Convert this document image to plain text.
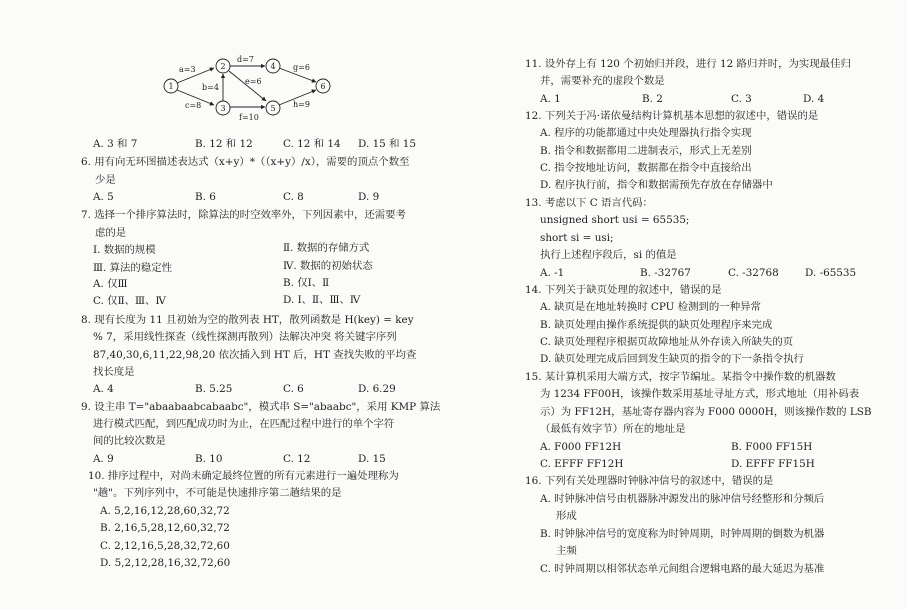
1
2
3
4
5
6
a=3
d=7
g=6
b=4
e=6
c=8	h=9
f=10
A. 3 和 7	B. 12 和 12	C. 12 和 14 D. 15 和 15
6. 用有向无环图描述表达式（x+y）*（（x+y）/x），需要的顶点个数至
少是
A. 5	B. 6	C. 8	D. 9
7. 选择一个排序算法时，除算法的时空效率外，下列因素中，还需要考
虑的是
Ⅰ. 数据的规模	Ⅱ. 数据的存储方式
Ⅲ. 算法的稳定性	Ⅳ. 数据的初始状态
A. 仅Ⅲ	B. 仅Ⅰ、Ⅱ
C. 仅Ⅱ、Ⅲ、Ⅳ	D. Ⅰ、Ⅱ、Ⅲ、Ⅳ
8. 现有长度为 11 且初始为空的散列表 HT，散列函数是 H(key) = key
% 7，采用线性探查（线性探测再散列）法解决冲突 将关键字序列
87,40,30,6,11,22,98,20 依次插入到 HT 后，HT 查找失败的平均查
找长度是
A. 4	B. 5.25	C. 6	D. 6.29
9. 设主串 T="abaabaabcabaabc"，模式串 S="abaabc"，采用 KMP 算法
进行模式匹配，到匹配成功时为止，在匹配过程中进行的单个字符
间的比较次数是
A. 9	B. 10	C. 12	D. 15
10. 排序过程中，对尚未确定最终位置的所有元素进行一遍处理称为
"趟"。下列序列中，不可能是快速排序第二趟结果的是
A. 5,2,16,12,28,60,32,72
B. 2,16,5,28,12,60,32,72
C. 2,12,16,5,28,32,72,60
D. 5,2,12,28,16,32,72,60
11. 设外存上有 120 个初始归并段，进行 12 路归并时，为实现最佳归
并，需要补充的虚段个数是
A. 1	B. 2	C. 3	D. 4
12. 下列关于冯·诺依曼结构计算机基本思想的叙述中，错误的是
A. 程序的功能都通过中央处理器执行指令实现
B. 指令和数据都用二进制表示，形式上无差别
C. 指令按地址访问，数据都在指令中直接给出
D. 程序执行前，指令和数据需预先存放在存储器中
13. 考虑以下 C 语言代码：
unsigned short usi = 65535;
short si = usi;
执行上述程序段后，si 的值是
A. -1	B. -32767	C. -32768	D. -65535
14. 下列关于缺页处理的叙述中，错误的是
A. 缺页是在地址转换时 CPU 检测到的一种异常
B. 缺页处理由操作系统提供的缺页处理程序来完成
C. 缺页处理程序根据页故障地址从外存读入所缺失的页
D. 缺页处理完成后回到发生缺页的指令的下一条指令执行
15. 某计算机采用大端方式，按字节编址。某指令中操作数的机器数
为 1234 FF00H，该操作数采用基址寻址方式，形式地址（用补码表
示）为 FF12H，基址寄存器内容为 F000 0000H，则该操作数的 LSB
（最低有效字节）所在的地址是
A. F000 FF12H	B. F000 FF15H
C. EFFF FF12H	D. EFFF FF15H
16. 下列有关处理器时钟脉冲信号的叙述中，错误的是
A. 时钟脉冲信号由机器脉冲源发出的脉冲信号经整形和分频后
形成
B. 时钟脉冲信号的宽度称为时钟周期，时钟周期的倒数为机器
主频
C. 时钟周期以相邻状态单元间组合逻辑电路的最大延迟为基准
